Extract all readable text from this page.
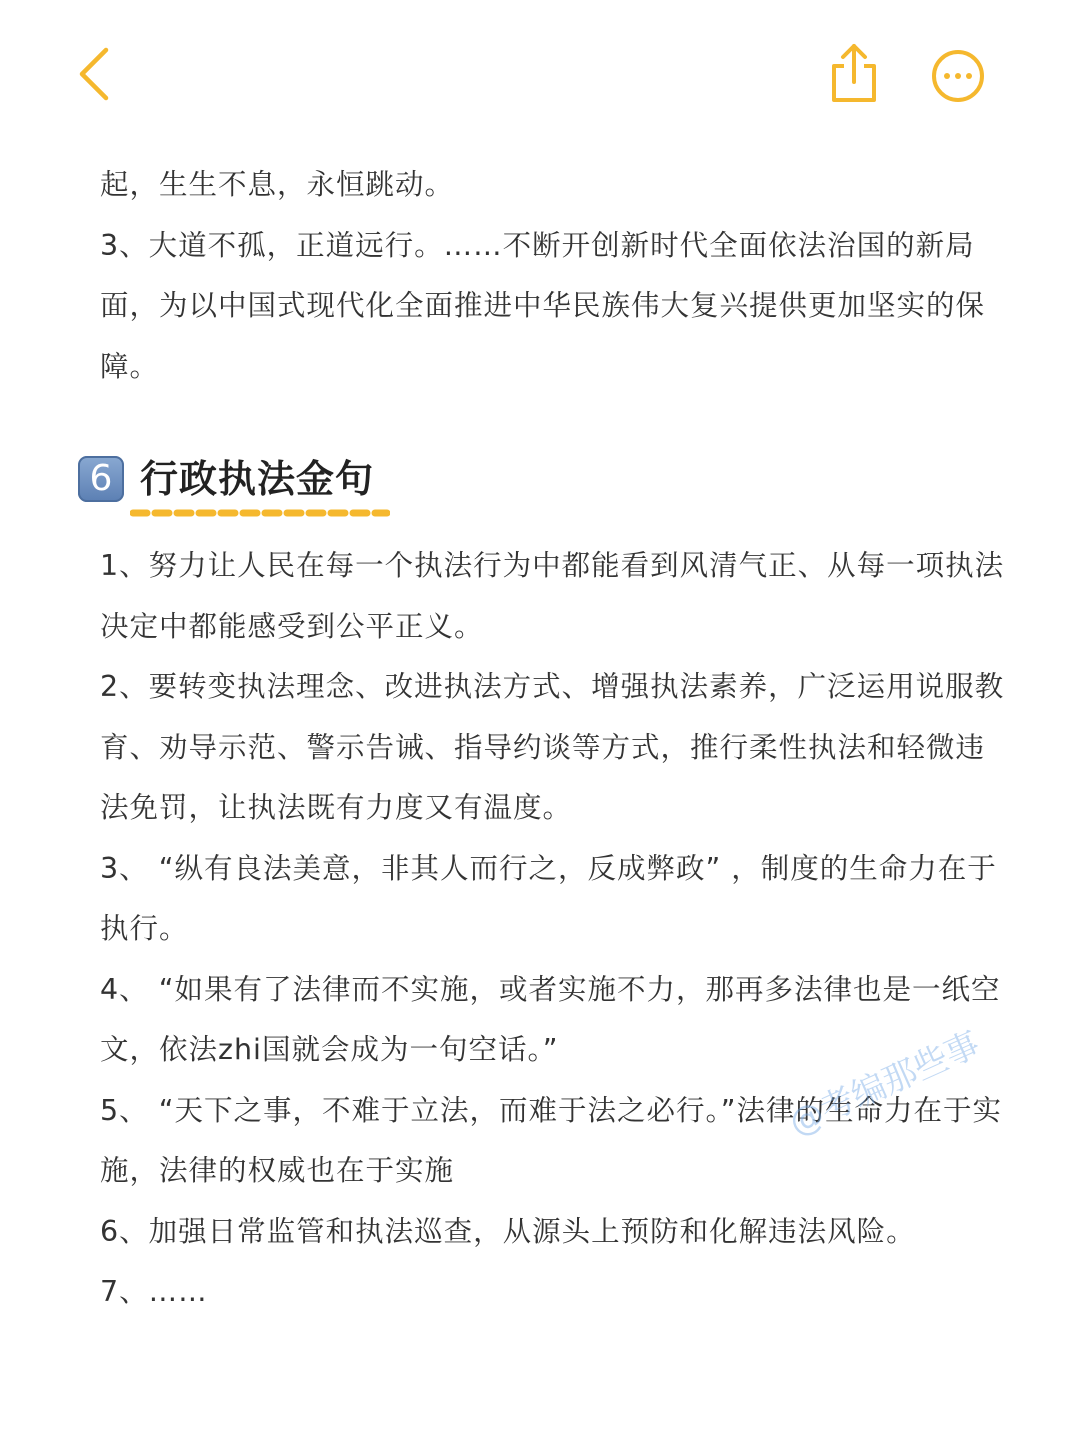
起，生生不息，永恒跳动。

3、大道不孤，正道远行。……不断开创新时代全面依法治国的新局面，为以中国式现代化全面推进中华民族伟大复兴提供更加坚实的保障。

6 行政执法金句

1、努力让人民在每一个执法行为中都能看到风清气正、从每一项执法决定中都能感受到公平正义。

2、要转变执法理念、改进执法方式、增强执法素养，广泛运用说服教育、劝导示范、警示告诫、指导约谈等方式，推行柔性执法和轻微违法免罚，让执法既有力度又有温度。

3、 “纵有良法美意，非其人而行之，反成弊政” ，制度的生命力在于执行。

4、 “如果有了法律而不实施，或者实施不力，那再多法律也是一纸空文，依法zhi国就会成为一句空话。”

5、 “天下之事，不难于立法，而难于法之必行。”法律的生命力在于实施，法律的权威也在于实施

6、加强日常监管和执法巡查，从源头上预防和化解违法风险。

7、……

@考编那些事
